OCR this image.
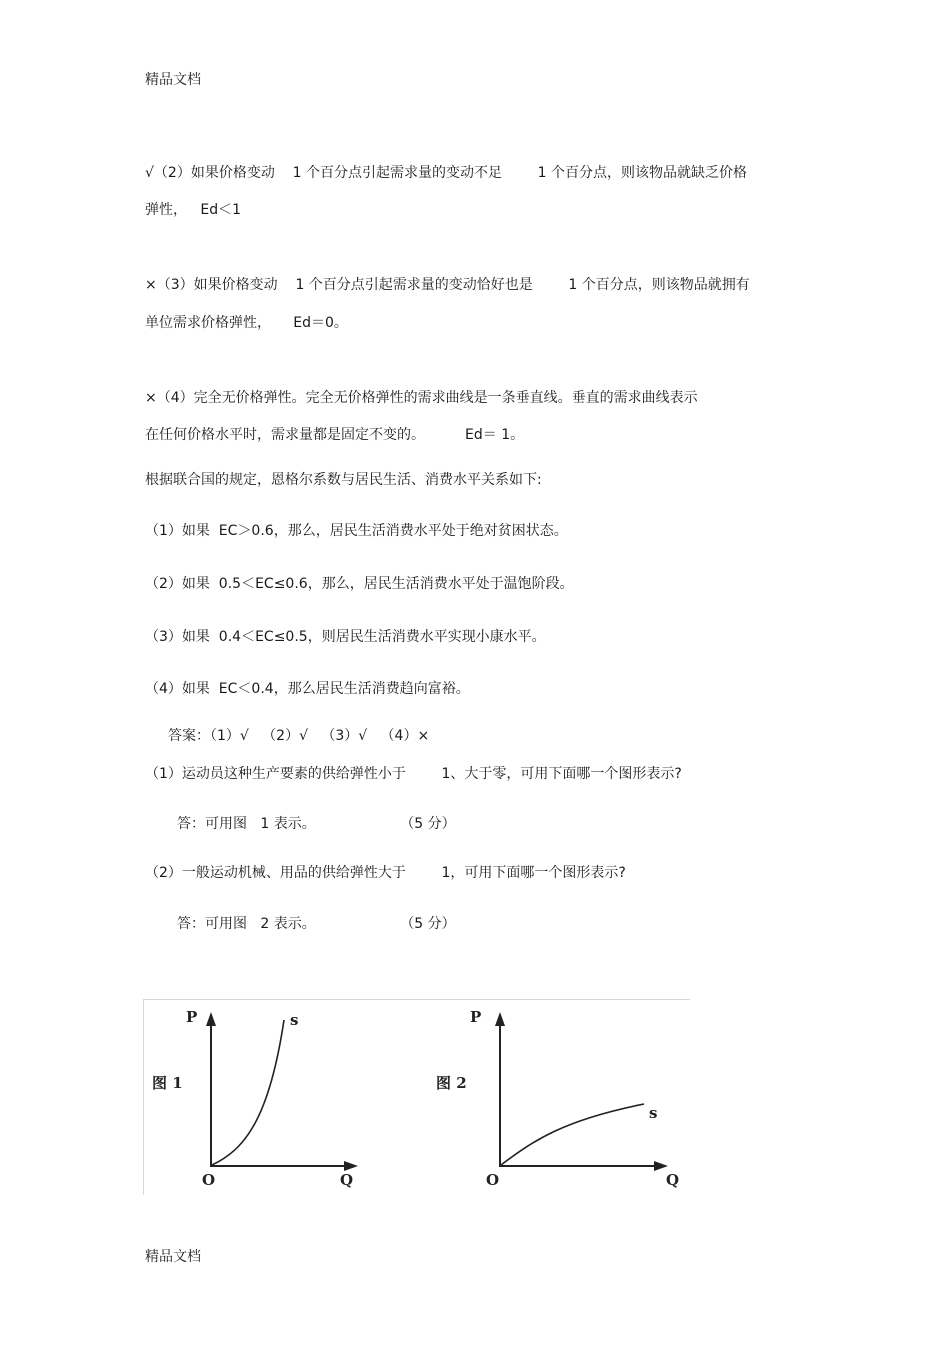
精品文档
√（2）如果价格变动    1 个百分点引起需求量的变动不足        1 个百分点，则该物品就缺乏价格
弹性，   Ed＜1
×（3）如果价格变动    1 个百分点引起需求量的变动恰好也是        1 个百分点，则该物品就拥有
单位需求价格弹性，     Ed＝0。
×（4）完全无价格弹性。完全无价格弹性的需求曲线是一条垂直线。垂直的需求曲线表示
在任何价格水平时，需求量都是固定不变的。         Ed＝ 1。
根据联合国的规定，恩格尔系数与居民生活、消费水平关系如下:
（1）如果  EC＞0.6，那么，居民生活消费水平处于绝对贫困状态。
（2）如果  0.5＜EC≤0.6，那么，居民生活消费水平处于温饱阶段。
（3）如果  0.4＜EC≤0.5，则居民生活消费水平实现小康水平。
（4）如果  EC＜0.4，那么居民生活消费趋向富裕。
答案：（1）√   （2）√   （3）√   （4）×
（1）运动员这种生产要素的供给弹性小于        1、大于零，可用下面哪一个图形表示?
答：可用图   1 表示。                   （5 分）
（2）一般运动机械、用品的供给弹性大于        1，可用下面哪一个图形表示?
答：可用图   2 表示。                   （5 分）
P	s
图 1
O	Q
P
s
图 2
O	Q
精品文档
